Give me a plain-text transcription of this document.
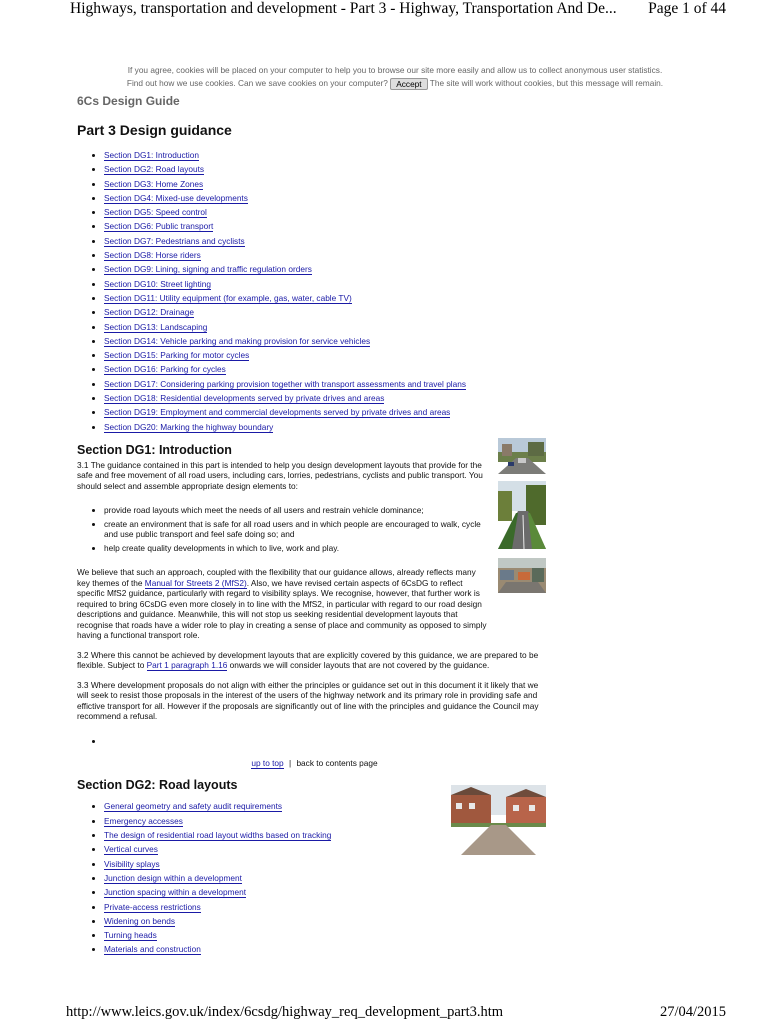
Highways, transportation and development - Part 3 - Highway, Transportation And De... Page 1 of 44
If you agree, cookies will be placed on your computer to help you to browse our site more easily and allow us to collect anonymous user statistics.
Find out how we use cookies. Can we save cookies on your computer? Accept The site will work without cookies, but this message will remain.
6Cs Design Guide
Part 3 Design guidance
Section DG1: Introduction
Section DG2: Road layouts
Section DG3: Home Zones
Section DG4: Mixed-use developments
Section DG5: Speed control
Section DG6: Public transport
Section DG7: Pedestrians and cyclists
Section DG8: Horse riders
Section DG9: Lining, signing and traffic regulation orders
Section DG10: Street lighting
Section DG11: Utility equipment (for example, gas, water, cable TV)
Section DG12: Drainage
Section DG13: Landscaping
Section DG14: Vehicle parking and making provision for service vehicles
Section DG15: Parking for motor cycles
Section DG16: Parking for cycles
Section DG17: Considering parking provision together with transport assessments and travel plans
Section DG18: Residential developments served by private drives and areas
Section DG19: Employment and commercial developments served by private drives and areas
Section DG20: Marking the highway boundary
Section DG1: Introduction

3.1 The guidance contained in this part is intended to help you design development layouts that provide for the safe and free movement of all road users, including cars, lorries, pedestrians, cyclists and public transport. You should select and assemble appropriate design elements to:

provide road layouts which meet the needs of all users and restrain vehicle dominance;
create an environment that is safe for all road users and in which people are encouraged to walk, cycle and use public transport and feel safe doing so; and
help create quality developments in which to live, work and play.

We believe that such an approach, coupled with the flexibility that our guidance allows, already reflects many key themes of the Manual for Streets 2 (MfS2). Also, we have revised certain aspects of 6CsDG to reflect specific MfS2 guidance, particularly with regard to visibility splays. We recognise, however, that further work is required to bring 6CsDG even more closely in to line with the MfS2, in particular with regard to our road design descriptions and guidance. Meanwhile, this will not stop us seeking residential development layouts that recognise that roads have a wider role to play in creating a sense of place and community as opposed to simply having a functional transport role.

3.2 Where this cannot be achieved by development layouts that are explicitly covered by this guidance, we are prepared to be flexible. Subject to Part 1 paragraph 1.16 onwards we will consider layouts that are not covered by the guidance.

3.3 Where development proposals do not align with either the principles or guidance set out in this document it it likely that we will seek to resist those proposals in the interest of the users of the highway network and its primary role in providing safe and effictive transport for all. However if the proposals are significantly out of line with the principles and guidance the Council may recommend a refusal.

up to top | back to contents page
Section DG2: Road layouts
General geometry and safety audit requirements
Emergency accesses
The design of residential road layout widths based on tracking
Vertical curves
Visibility splays
Junction design within a development
Junction spacing within a development
Private-access restrictions
Widening on bends
Turning heads
Materials and construction
http://www.leics.gov.uk/index/6csdg/highway_req_development_part3.htm	27/04/2015
